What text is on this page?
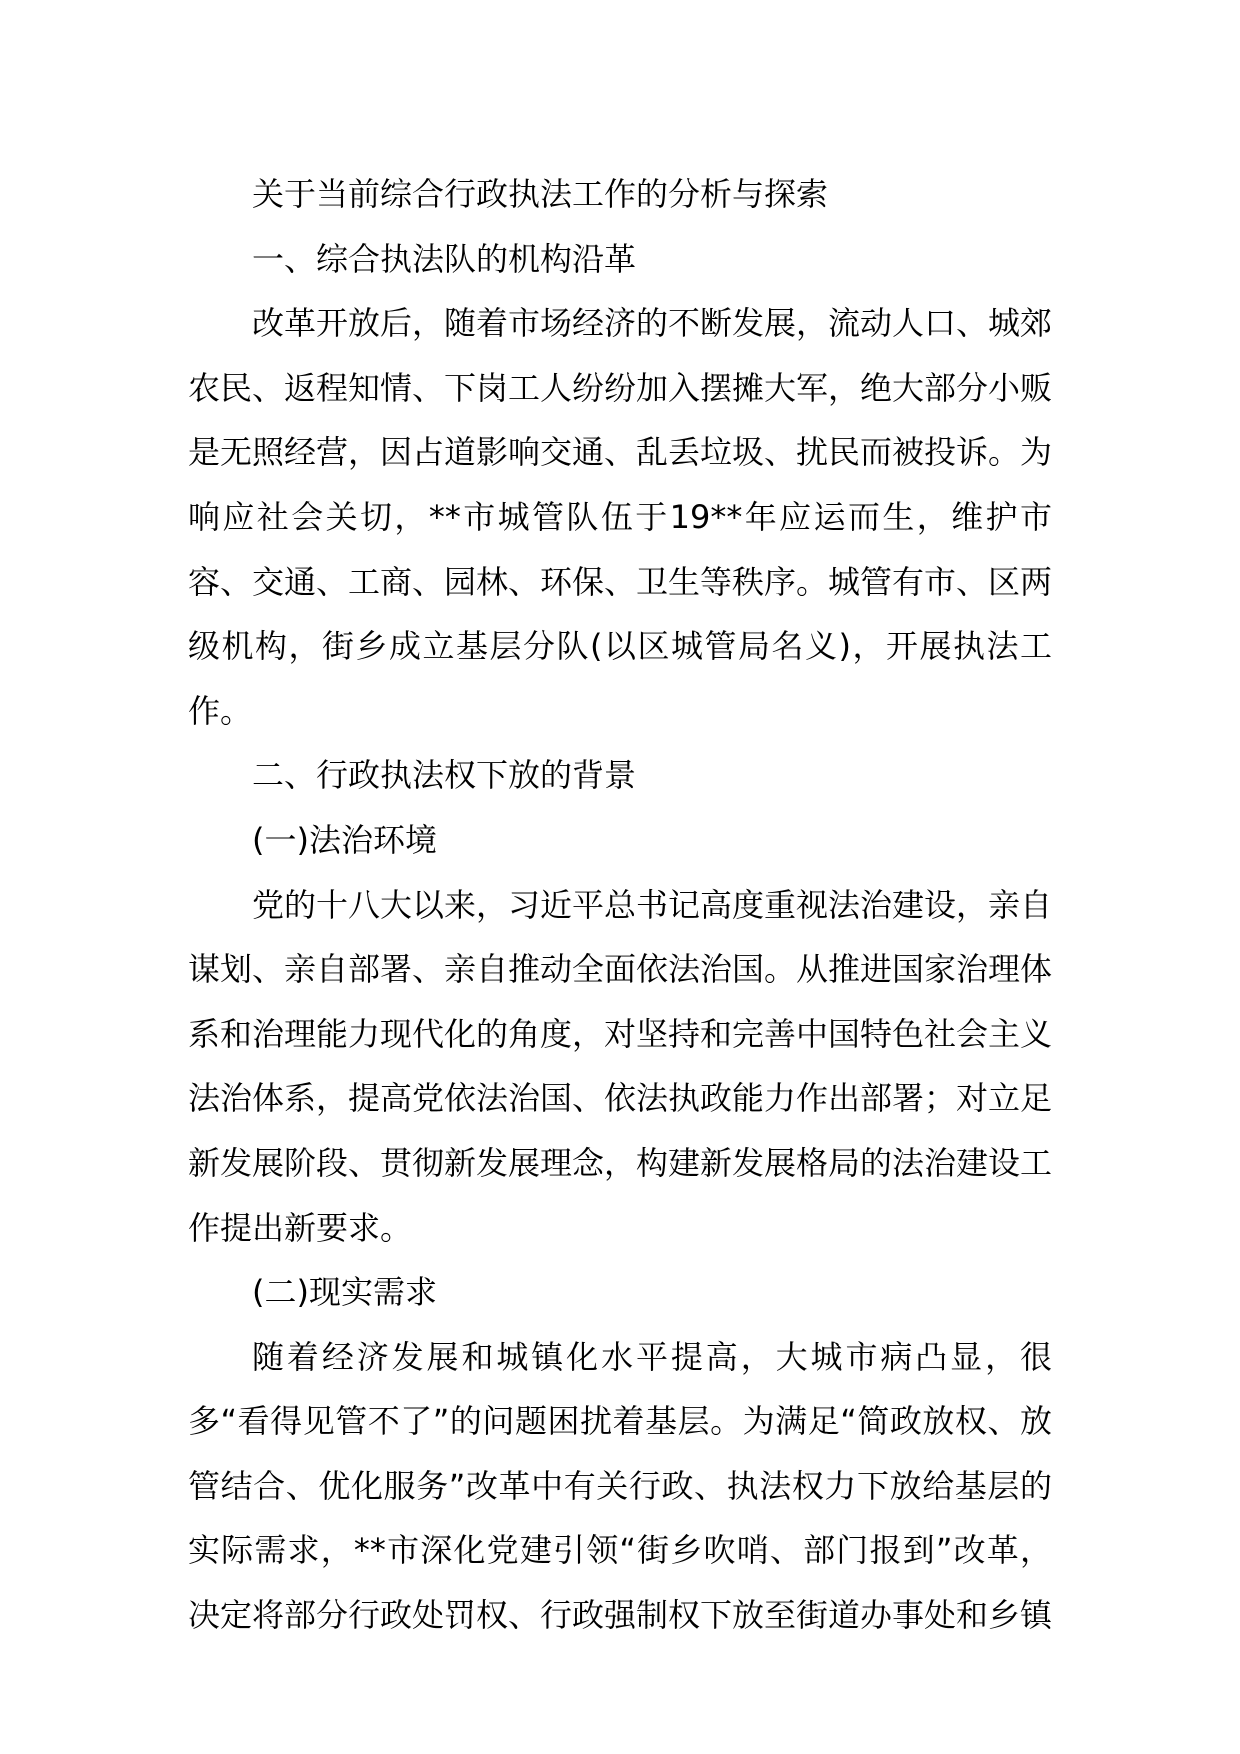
关于当前综合行政执法工作的分析与探索

一、综合执法队的机构沿革

改革开放后，随着市场经济的不断发展，流动人口、城郊农民、返程知情、下岗工人纷纷加入摆摊大军，绝大部分小贩是无照经营，因占道影响交通、乱丢垃圾、扰民而被投诉。为响应社会关切，**市城管队伍于19**年应运而生，维护市容、交通、工商、园林、环保、卫生等秩序。城管有市、区两级机构，街乡成立基层分队(以区城管局名义)，开展执法工作。

二、行政执法权下放的背景

(一)法治环境

党的十八大以来，习近平总书记高度重视法治建设，亲自谋划、亲自部署、亲自推动全面依法治国。从推进国家治理体系和治理能力现代化的角度，对坚持和完善中国特色社会主义法治体系，提高党依法治国、依法执政能力作出部署；对立足新发展阶段、贯彻新发展理念，构建新发展格局的法治建设工作提出新要求。

(二)现实需求

随着经济发展和城镇化水平提高，大城市病凸显，很多“看得见管不了”的问题困扰着基层。为满足“简政放权、放管结合、优化服务”改革中有关行政、执法权力下放给基层的实际需求，**市深化党建引领“街乡吹哨、部门报到”改革，决定将部分行政处罚权、行政强制权下放至街道办事处和乡镇
